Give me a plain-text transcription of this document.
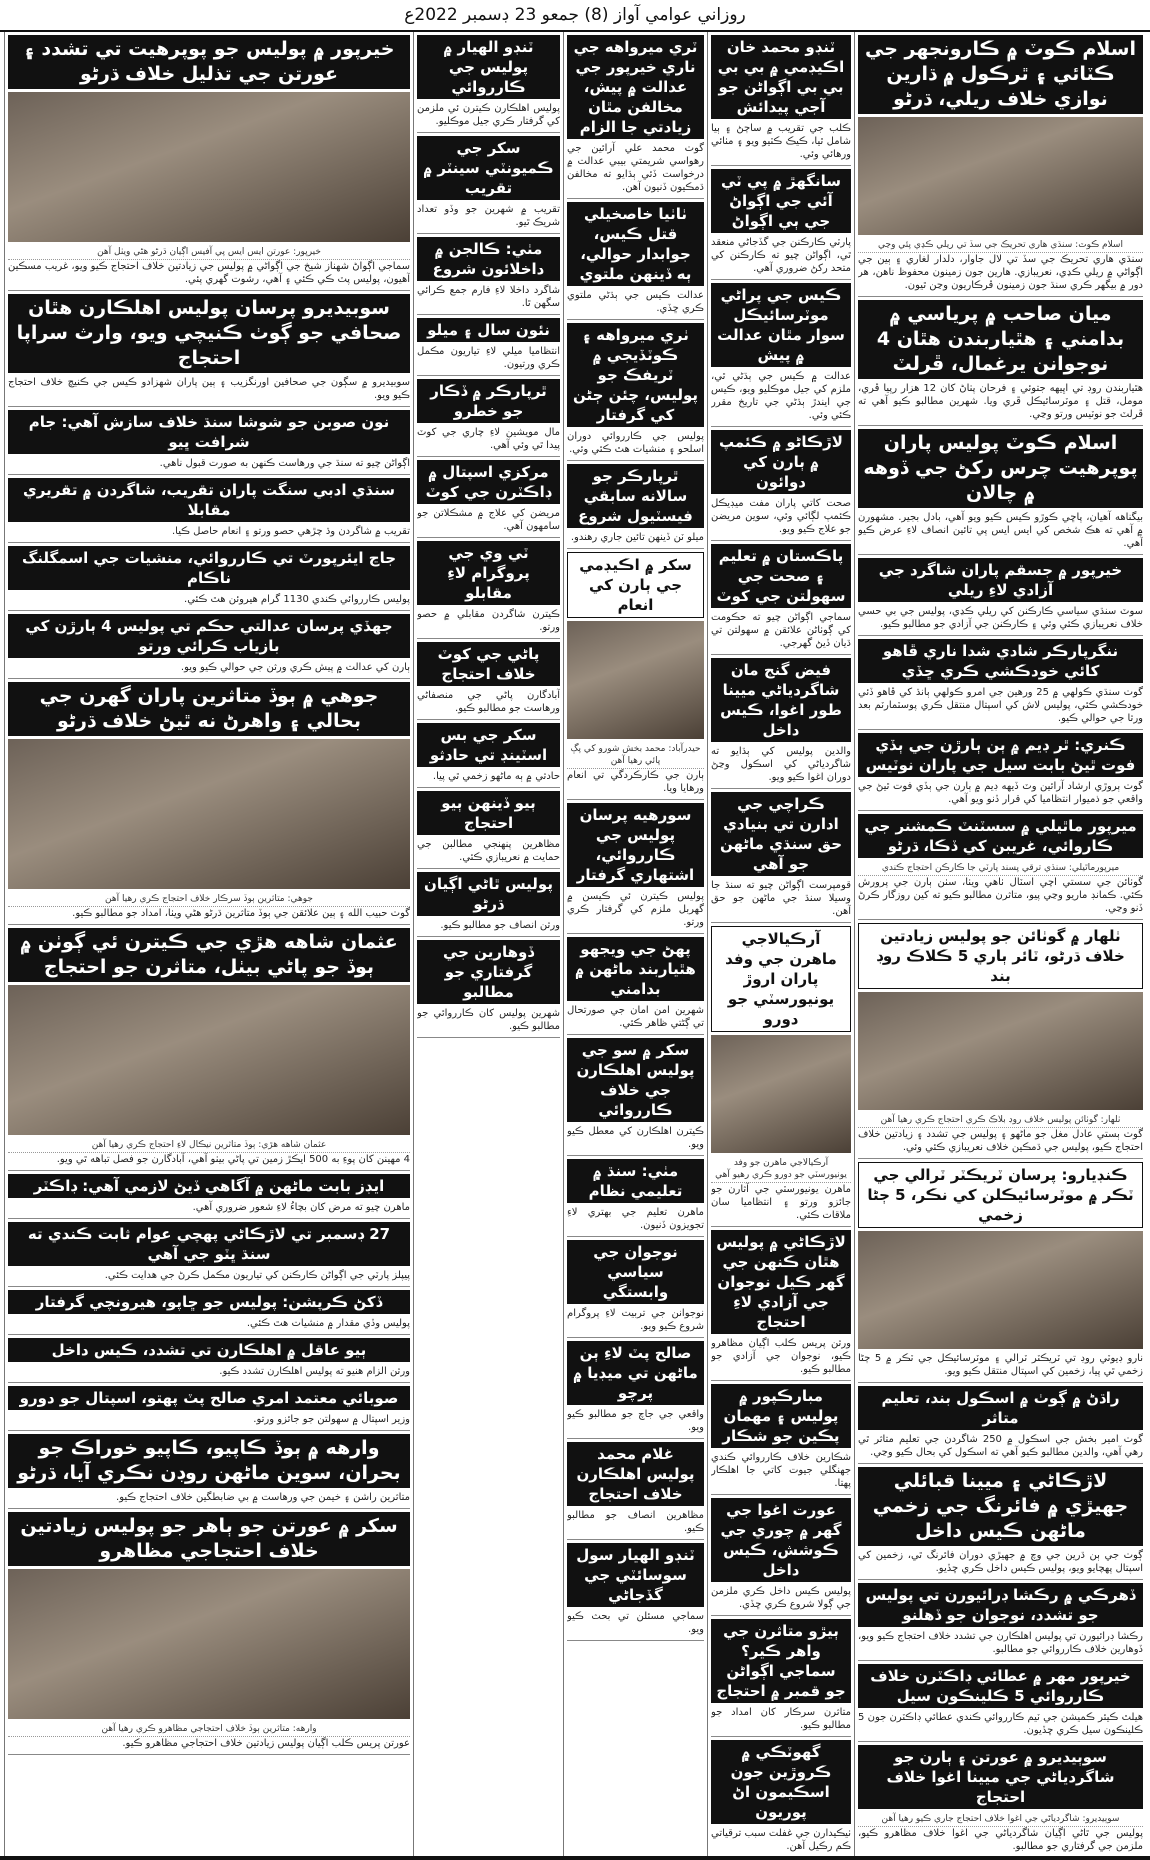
روزاني عوامي آواز (8) جمعو 23 ڊسمبر 2022ع
اسلام ڪوٽ ۾ ڪارونجهر جي ڪٽائي ۽ ٿرڪول ۾ ڌارين نوازي خلاف ريلي، ڌرڻو
اسلام ڪوٽ: سنڌي هاري تحريڪ جي سڏ تي ريلي ڪڍي پئي وڃي
سنڌي هاري تحريڪ جي سڏ تي لال جاوار، دلدار لغاري ۽ ٻين جي اڳواڻي ۾ ريلي ڪڍي، نعريبازي. هارين جون زمينون محفوظ ناهن، هر دور ۾ بيگهر ڪري سنڌ جون زمينون ڦرڪاريون وڃن ٿيون.
ميان صاحب ۾ پرياسي ۾ بدامني ۽ هٿياربندن هٿان 4 نوجوانن يرغمال، ڦرلٽ
هٿياربندن روڊ تي اڀيهه جتوئي ۽ فرحان پٺاڻ کان 12 هزار رپيا ڦري، مومل، قتل ۽ موٽرسائيڪل ڦري ويا. شهرين مطالبو ڪيو آهي ته ڦرلٽ جو نوٽيس ورتو وڃي.
اسلام ڪوٽ پوليس پاران پوپرهيت چرس رکڻ جي ڏوهه ۾ چالان
بيگناهه آهيان، پاڇي ڪوڙو ڪيس ڪيو ويو آهي، بادل بجير. مشهورن ۾ آهي ته هڪ شخص کي ايس ايس پي تائين انصاف لاءِ عرض ڪيو آهي.
خيرپور ۾ جسقم پاران شاگرد جي آزادي لاءِ ريلي
سوٽ سنڌي سياسي ڪارڪنن کي ريلي ڪڍي، پوليس جي بي حسي خلاف نعريبازي ڪئي وئي ۽ ڪارڪنن جي آزادي جو مطالبو ڪيو.
ننگرپارڪر شادي شدا ناري ڦاهو کائي خودڪشي ڪري ڇڏي
گوٺ سنڌي ڪولهي ۾ 25 ورهين جي امرو ڪولهي ٻانڌ کي ڦاهو ڏئي خودڪشي ڪئي، پوليس لاش کي اسپتال منتقل ڪري پوسٽمارٽم بعد ورثا جي حوالي ڪيو.
ڪنري: ٿر ڊيم ۾ ٻن ٻارڙن جي ٻڏي فوت ٿيڻ بابت سيل جي پاران نوٽيس
گوٺ ٻروڙي ارشاد آرائين وٽ ڏيهه ڊيم ۾ ٻارن جي ٻڏي فوت ٿيڻ جي واقعي جو ذميوار انتظاميا کي قرار ڏنو ويو آهي.
ميرپور ماٿيلي ۾ سسٽنٽ ڪمشنر جي ڪاروائي، غريبن کي ڏڪا، ڌرڻو
ميرپورماٿيلي: سنڌي ترقي پسند پارٽي جا ڪارڪن احتجاج ڪندي
گوٺائن جي سستي اچي اسٽال ٺاهي ويٺا، سٺن ٻارن جي پرورش ڪئي. ڪمانڊ ماريو وڃي پيو، متاثرن مطالبو ڪيو ته کين روزگار ڪرڻ ڏنو وڃي.
ٺلهار ۾ گوٺائن جو پوليس زيادتين خلاف ڌرڻو، ٽائر ٻاري 5 ڪلاڪ روڊ بند
ٺلهار: گوٺائن پوليس خلاف روڊ بلاڪ ڪري احتجاج ڪري رهيا آهن
گوٺ ٻستي عادل مغل جو ماڻهو ۽ پوليس جي تشدد ۽ زيادتين خلاف احتجاج ڪيو، پوليس جي ڌمڪين خلاف نعريبازي ڪئي وئي.
ڪنڊيارو: پرسان ٽريڪٽر ٽرالي جي ٽڪر ۾ موٽرسائيڪلن کي نڪر، 5 ڄڻا زخمي
نارو ڊيوٽي روڊ تي ٽريڪٽر ٽرالي ۽ موٽرسائيڪل جي ٽڪر ۾ 5 ڄڻا زخمي ٿي پيا، زخمين کي اسپتال منتقل ڪيو ويو.
راڌڻ ۾ ڳوٺ ۾ اسڪول بند، تعليم متاثر
گوٺ امير بخش جي اسڪول ۾ 250 شاگردن جي تعليم متاثر ٿي رهي آهي، والدين مطالبو ڪيو آهي ته اسڪول کي بحال ڪيو وڃي.
لاڙڪاڻي ۽ ميينا قبائلي جهيڙي ۾ فائرنگ جي زخمي ماڻهن ڪيس داخل
ڳوٺ جي ٻن ڌرين جي وچ ۾ جهيڙي دوران فائرنگ ٿي، زخمين کي اسپتال پهچايو ويو، پوليس ڪيس داخل ڪري ڇڏيو.
ڏهرڪي ۾ رڪشا ڊرائيورن تي پوليس جو تشدد، نوجوان جو ڏهلنو
رڪشا ڊرائيورن تي پوليس اهلڪارن جي تشدد خلاف احتجاج ڪيو ويو، ڏوهارين خلاف ڪارروائي جو مطالبو.
خيرپور مهر ۾ عطائي ڊاڪٽرن خلاف ڪارروائي 5 ڪلينڪون سيل
هيلٿ ڪيئر ڪميشن جي ٽيم ڪارروائي ڪندي عطائي ڊاڪٽرن جون 5 ڪلينڪون سيل ڪري ڇڏيون.
سوٻيديرو ۾ عورتن ۽ ٻارن جو شاگردياڻي جي ميينا اغوا خلاف احتجاج
سوٻيديرو: شاگردياڻي جي اغوا خلاف احتجاج جاري ڪيو رهيا آهن
پوليس جي ٿاڻي اڳيان شاگردياڻي جي اغوا خلاف مظاهرو ڪيو، ملزمن جي گرفتاري جو مطالبو.
ٽنڊو محمد خان اڪيڊمي ۾ بي بي بي بي اڳواڻن جو آجي پيدائش
ڪلب جي تقريب ۾ ساڄڻ ۽ ٻيا شامل ٿيا، ڪيڪ ڪٽيو ويو ۽ مٺائي ورهائي وئي.
سانگهڙ ۾ پي ٽي آئي جي اڳواڻ جي ٻي اڳواڻ
پارٽي ڪارڪنن جي گڏجاڻي منعقد ٿي، اڳواڻن چيو ته ڪارڪنن کي متحد رکڻ ضروري آهي.
ڪيس جي پراڻي موٽرسائيڪل سوار مٿان عدالت ۾ پيش
عدالت ۾ ڪيس جي ٻڌڻي ٿي، ملزم کي جيل موڪليو ويو، ڪيس جي ايندڙ ٻڌڻي جي تاريخ مقرر ڪئي وئي.
لاڙڪاڻو ۾ ڪئمپ ۾ ٻارن کي دوائون
صحت کاتي پاران مفت ميڊيڪل ڪئمپ لڳائي وئي، سوين مريضن جو علاج ڪيو ويو.
پاڪستان ۾ تعليم ۽ صحت جي سهولتن جي کوٽ
سماجي اڳواڻن چيو ته حڪومت کي ڳوٺاڻن علائقن ۾ سهولتن تي ڌيان ڏيڻ گهرجي.
فيض گنج مان شاگردياڻي ميينا طور اغوا، ڪيس داخل
والدين پوليس کي ٻڌايو ته شاگردياڻي کي اسڪول وڃڻ دوران اغوا ڪيو ويو.
ڪراچي جي ادارن تي بنيادي حق سنڌي ماڻهن جو آهي
قومپرست اڳواڻن چيو ته سنڌ جا وسيلا سنڌ جي ماڻهن جو حق آهن.
آرڪيالاجي ماهرن جي وفد پاران اروڙ يونيورسٽي جو دورو
آرڪيالاجي ماهرن جو وفد يونيورسٽي جو دورو ڪري رهيو آهي
ماهرن يونيورسٽي جي آثارن جو جائزو ورتو ۽ انتظاميا سان ملاقات ڪئي.
لاڙڪاڻي ۾ پوليس هٿان ڪنهن جي گهر ڪيل نوجوان جي آزادي لاءِ احتجاج
ورثن پريس ڪلب اڳيان مظاهرو ڪيو، نوجوان جي آزادي جو مطالبو ڪيو.
مبارڪپور ۾ پوليس ۽ مهمان پڪين جو شڪار
شڪارين خلاف ڪارروائي ڪندي جهنگلي جيوت کاتي جا اهلڪار پهتا.
عورت اغوا جي گهر ۾ چوري جي ڪوشش، ڪيس داخل
پوليس ڪيس داخل ڪري ملزمن جي ڳولا شروع ڪري ڇڏي.
ٻيڙو متاثرن جي واهر ڪير؟ سماجي اڳواڻن جو قمبر ۾ احتجاج
متاثرن سرڪار کان امداد جو مطالبو ڪيو.
گهوٽڪي ۾ ڪروڙين جون اسڪيمون اڻ پوريون
ٺيڪيدارن جي غفلت سبب ترقياتي ڪم رڪيل آهن.
ٽري ميرواهه جي ناري خيرپور جي عدالت ۾ پيش، مخالفن مٿان زيادتي جا الزام
گوٺ محمد علي آرائين جي رهواسي شريمتي بيبي عدالت ۾ درخواست ڏئي ٻڌايو ته مخالفن ڌمڪيون ڏنيون آهن.
ٺاٺيا خاصخيلي قتل ڪيس، جوابدار حوالي، ٻه ڏينهن ملتوي
عدالت ڪيس جي ٻڌڻي ملتوي ڪري ڇڏي.
ٺري ميرواهه ۽ ڪوٽڏيجي ۾ ٽريفڪ جو پوليس، چئن ڄڻن کي گرفتار
پوليس جي ڪارروائي دوران اسلحو ۽ منشيات هٿ ڪئي وئي.
ٿرپارڪر جو سالانه سابقي فيسٽيول شروع
ميلو ٽن ڏينهن تائين جاري رهندو.
سکر ۾ اڪيڊمي جي ٻارن کي انعام
حيدرآباد: محمد بخش شورو کي پڳ پائي رهيا آهن
ٻارن جي ڪارڪردگي تي انعام ورهايا ويا.
سورهيه پرسان پوليس جي ڪارروائي، اشتهاري گرفتار
پوليس ڪيترن ئي ڪيسن ۾ گهربل ملزم کي گرفتار ڪري ورتو.
پهڻ جي ويجهو هٿياربند ماڻهن ۾ بدامني
شهرين امن امان جي صورتحال تي ڳڻتي ظاهر ڪئي.
سکر ۾ سو جي پوليس اهلڪارن جي خلاف ڪارروائي
ڪيترن اهلڪارن کي معطل ڪيو ويو.
مٺي: سنڌ ۾ تعليمي نظام
ماهرن تعليم جي بهتري لاءِ تجويزون ڏنيون.
نوجوان جي سياسي وابستگي
نوجوانن جي تربيت لاءِ پروگرام شروع ڪيو ويو.
صالح پٽ لاءِ ٻن ماڻهن تي ميڊيا ۾ پرچو
واقعي جي جاچ جو مطالبو ڪيو ويو.
غلام محمد پوليس اهلڪارن خلاف احتجاج
مظاهرين انصاف جو مطالبو ڪيو.
ٽنڊو الهيار سول سوسائٽي جي گڏجاڻي
سماجي مسئلن تي بحث ڪيو ويو.
ٽنڊو الهيار ۾ پوليس جي ڪارروائي
پوليس اهلڪارن ڪيترن ئي ملزمن کي گرفتار ڪري جيل موڪليو.
سکر جي ڪميونٽي سينٽر ۾ تقريب
تقريب ۾ شهرين جو وڏو تعداد شريڪ ٿيو.
مٺي: ڪالجن ۾ داخلائون شروع
شاگرد داخلا لاءِ فارم جمع ڪرائي سگهن ٿا.
نئون سال ۽ ميلو
انتظاميا ميلي لاءِ تياريون مڪمل ڪري ورتيون.
ٿرپارڪر ۾ ڏڪار جو خطرو
مال مويشين لاءِ چاري جي کوٽ پيدا ٿي وئي آهي.
مرکزي اسپتال ۾ ڊاڪٽرن جي کوٽ
مريضن کي علاج ۾ مشڪلاتن جو سامهون آهي.
ٽي وي جي پروگرام لاءِ مقابلو
ڪيترن شاگردن مقابلي ۾ حصو ورتو.
پاڻي جي کوٽ خلاف احتجاج
آبادگارن پاڻي جي منصفاڻي ورهاست جو مطالبو ڪيو.
سکر جي بس اسٽينڊ تي حادثو
حادثي ۾ ٻه ماڻهو زخمي ٿي پيا.
ٻيو ڏينهن ٻيو احتجاج
مظاهرين پنهنجي مطالبن جي حمايت ۾ نعريبازي ڪئي.
پوليس ٿاڻي اڳيان ڌرڻو
ورثن انصاف جو مطالبو ڪيو.
ڏوهارين جي گرفتاري جو مطالبو
شهرين پوليس کان ڪارروائي جو مطالبو ڪيو.
خيرپور ۾ پوليس جو پوپرهيت تي تشدد ۽ عورتن جي تذليل خلاف ڌرڻو
خيرپور: عورتن ايس ايس پي آفيس اڳيان ڌرڻو هڻي ويٺل آهن
سماجي اڳواڻ شهناز شيخ جي اڳواڻي ۾ پوليس جي زيادتين خلاف احتجاج ڪيو ويو، غريب مسڪين آهيون، پوليس پٽ ڪي ڪئي ۽ آهي، رشوت گهري پئي.
سوبيديرو پرسان پوليس اهلڪارن هٿان صحافي جو ڳوٺ ڪنيچي ويو، وارث سراپا احتجاج
سوبيديرو ۾ سڳون جي صحافين اورنگزيب ۽ ٻين پاران شهزادو ڪيس جي ڪنيچ خلاف احتجاج ڪيو ويو.
نون صوبن جو شوشا سنڌ خلاف سازش آهي: جام شرافت ڀيو
اڳواڻن چيو ته سنڌ جي ورهاست ڪنهن به صورت قبول ناهي.
سنڌي ادبي سنگت پاران تقريب، شاگردن ۾ تقريري مقابلا
تقريب ۾ شاگردن وڌ چڙهي حصو ورتو ۽ انعام حاصل ڪيا.
جاڃ ايئرپورٽ تي ڪارروائي، منشيات جي اسمگلنگ ناڪام
پوليس ڪارروائي ڪندي 1130 گرام هيروئن هٿ ڪئي.
جهڏي پرسان عدالتي حڪم تي پوليس 4 ٻارڙن کي بازياب ڪرائي ورتو
ٻارن کي عدالت ۾ پيش ڪري ورثن جي حوالي ڪيو ويو.
جوهي ۾ ٻوڏ متاثرين پاران گهرن جي بحالي ۽ واهرڻ نه ٿيڻ خلاف ڌرڻو
جوهي: متاثرين ٻوڏ سرڪار خلاف احتجاج ڪري رهيا آهن
گوٺ حبيب الله ۽ ٻين علائقن جي ٻوڏ متاثرين ڌرڻو هڻي ويٺا، امداد جو مطالبو ڪيو.
عثمان شاهه هڙي جي ڪيترن ئي ڳوٺن ۾ ٻوڏ جو پاڻي بيٺل، متاثرن جو احتجاج
عثمان شاهه هڙي: ٻوڏ متاثرين نيڪال لاءِ احتجاج ڪري رهيا آهن
4 مهينن کان پوءِ به 500 ايڪڙ زمين تي پاڻي بيٺو آهي، آبادگارن جو فصل تباهه ٿي ويو.
ايڊز بابت ماڻهن ۾ آگاهي ڏيڻ لازمي آهي: ڊاڪٽر
ماهرن چيو ته مرض کان بچاءُ لاءِ شعور ضروري آهي.
27 ڊسمبر تي لاڙڪاڻي پهچي عوام ثابت ڪندي ته سنڌ ڀٽو جي آهي
پيپلز پارٽي جي اڳواڻن ڪارڪنن کي تياريون مڪمل ڪرڻ جي هدايت ڪئي.
ڏکڻ ڪرپشن: پوليس جو ڇاپو، هيرونچي گرفتار
پوليس وڏي مقدار ۾ منشيات هٿ ڪئي.
ٻيو عاقل ۾ اهلڪارن تي تشدد، ڪيس داخل
ورثن الزام هنيو ته پوليس اهلڪارن تشدد ڪيو.
صوبائي معتمد امري صالح پٽ پهتو، اسپتال جو دورو
وزير اسپتال ۾ سهولتن جو جائزو ورتو.
وارهه ۾ ٻوڏ ڪاپيو، ڪاپيو خوراڪ جو بحران، سوين ماڻهن روڊن نڪري آيا، ڌرڻو
متاثرين راشن ۽ خيمن جي ورهاست ۾ بي ضابطگين خلاف احتجاج ڪيو.
سکر ۾ عورتن جو ٻاهر جو پوليس زيادتين خلاف احتجاجي مظاهرو
وارهه: متاثرين ٻوڏ خلاف احتجاجي مظاهرو ڪري رهيا آهن
عورتن پريس ڪلب اڳيان پوليس زيادتين خلاف احتجاجي مظاهرو ڪيو.
